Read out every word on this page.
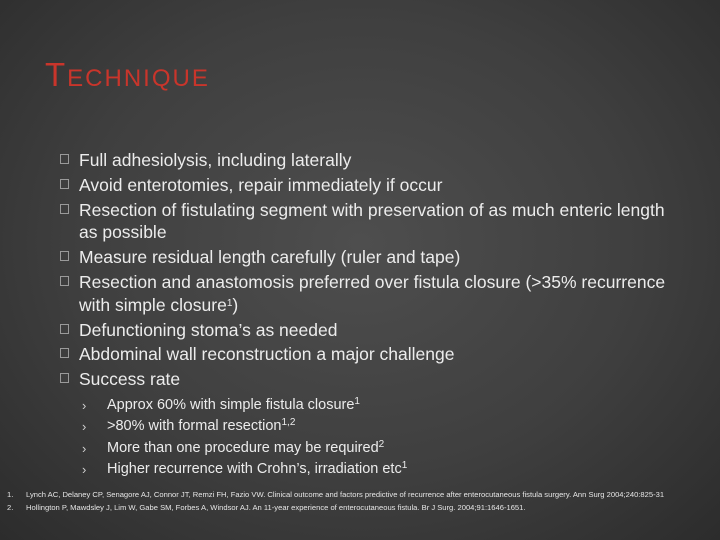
TECHNIQUE
Full adhesiolysis, including laterally
Avoid enterotomies, repair immediately if occur
Resection of fistulating segment with preservation of as much enteric length as possible
Measure residual length carefully (ruler and tape)
Resection and anastomosis preferred over fistula closure (>35% recurrence with simple closure$^1$)
Defunctioning stoma’s as needed
Abdominal wall reconstruction a major challenge
Success rate
› Approx 60% with simple fistula closure$^1$
› >80% with formal resection$^{1,2}$
› More than one procedure may be required$^2$
› Higher recurrence with Crohn’s, irradiation etc$^1$
1. Lynch AC, Delaney CP, Senagore AJ, Connor JT, Remzi FH, Fazio VW. Clinical outcome and factors predictive of recurrence after enterocutaneous fistula surgery. Ann Surg 2004;240:825-31
2. Hollington P, Mawdsley J, Lim W, Gabe SM, Forbes A, Windsor AJ. An 11-year experience of enterocutaneous fistula. Br J Surg. 2004;91:1646-1651.
